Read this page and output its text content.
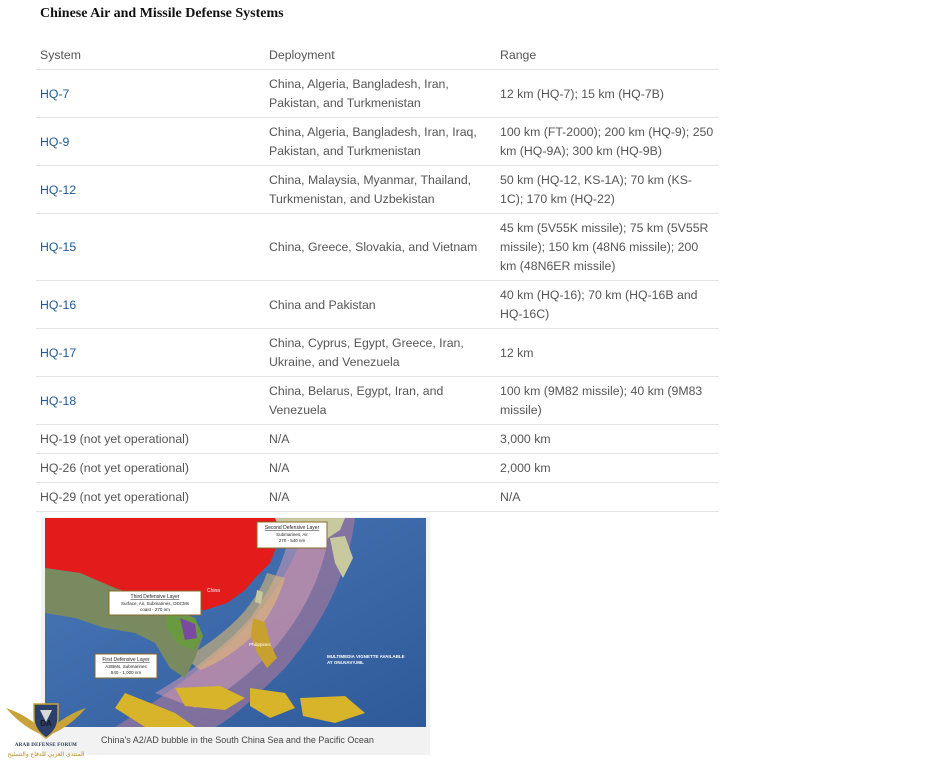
Chinese Air and Missile Defense Systems
System	Deployment	Range
HQ-7	China, Algeria, Bangladesh, Iran, Pakistan, and Turkmenistan	12 km (HQ-7); 15 km (HQ-7B)
HQ-9	China, Algeria, Bangladesh, Iran, Iraq, Pakistan, and Turkmenistan	100 km (FT-2000); 200 km (HQ-9); 250 km (HQ-9A); 300 km (HQ-9B)
HQ-12	China, Malaysia, Myanmar, Thailand, Turkmenistan, and Uzbekistan	50 km (HQ-12, KS-1A); 70 km (KS-1C); 170 km (HQ-22)
HQ-15	China, Greece, Slovakia, and Vietnam	45 km (5V55K missile); 75 km (5V55R missile); 150 km (48N6 missile); 200 km (48N6ER missile)
HQ-16	China and Pakistan	40 km (HQ-16); 70 km (HQ-16B and HQ-16C)
HQ-17	China, Cyprus, Egypt, Greece, Iran, Ukraine, and Venezuela	12 km
HQ-18	China, Belarus, Egypt, Iran, and Venezuela	100 km (9M82 missile); 40 km (9M83 missile)
HQ-19 (not yet operational)	N/A	3,000 km
HQ-26 (not yet operational)	N/A	2,000 km
HQ-29 (not yet operational)	N/A	N/A
Second Defensive Layer
Submarines, Air
270 - 540 nm
Third Defensive Layer
Surface, Air, Submarines, ODCMs
coast - 270 nm
First Defensive Layer
ASBMs, Submarines
540 - 1,000 nm
China
Philippines
MULTIMEDIA VIGNETTE AVAILABLE
AT ONI.NAVY.MIL
China's A2/AD bubble in the South China Sea and the Pacific Ocean
DA
ARAB DEFENSE FORUM
المنتدى العربي للدفاع والتسليح
